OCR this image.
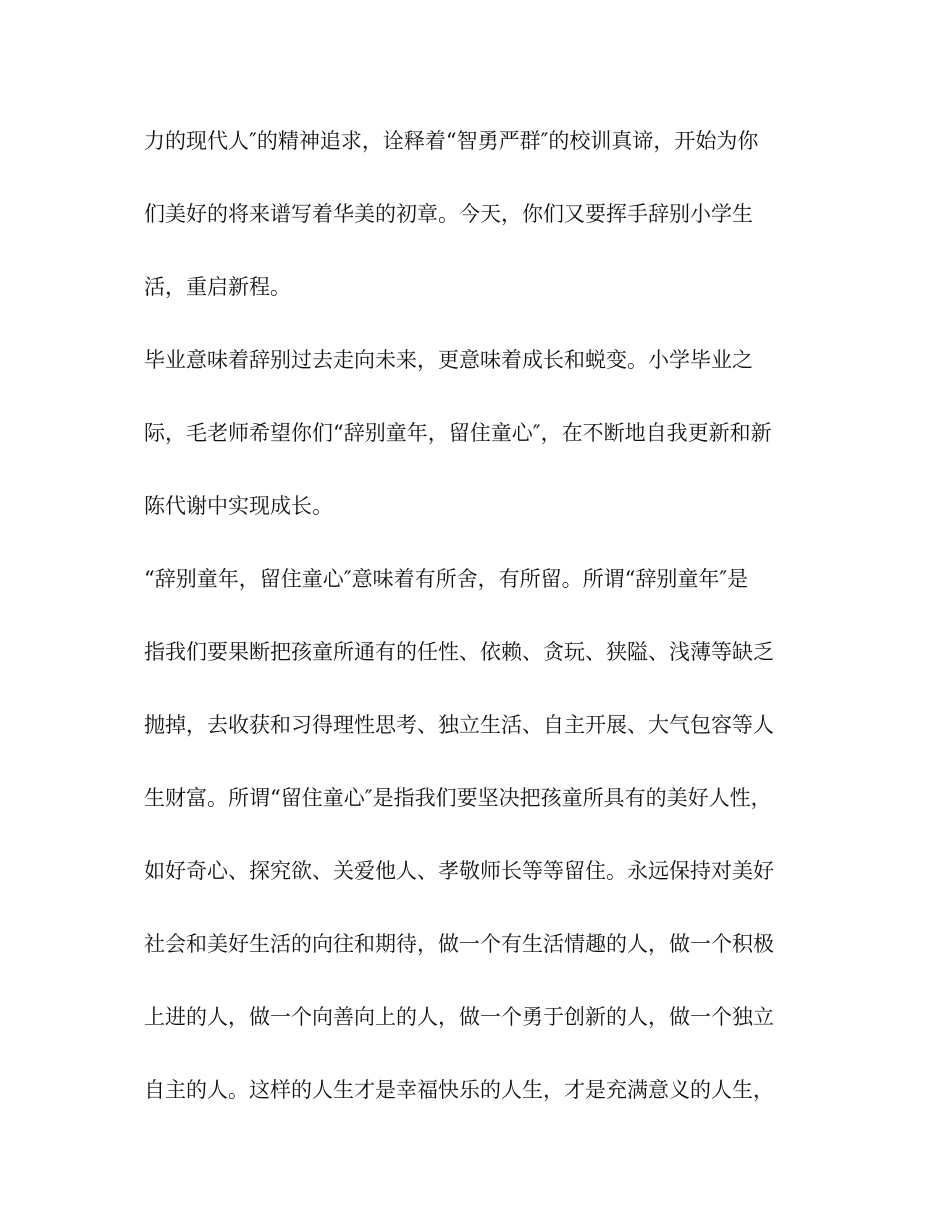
力的现代人″的精神追求，诠释着“智勇严群″的校训真谛，开始为你

们美好的将来谱写着华美的初章。今天，你们又要挥手辞别小学生

活，重启新程。

毕业意味着辞别过去走向未来，更意味着成长和蜕变。小学毕业之

际，毛老师希望你们“辞别童年，留住童心″，在不断地自我更新和新

陈代谢中实现成长。

“辞别童年，留住童心″意味着有所舍，有所留。所谓“辞别童年″是

指我们要果断把孩童所通有的任性、依赖、贪玩、狭隘、浅薄等缺乏

抛掉，去收获和习得理性思考、独立生活、自主开展、大气包容等人

生财富。所谓“留住童心″是指我们要坚决把孩童所具有的美好人性，

如好奇心、探究欲、关爱他人、孝敬师长等等留住。永远保持对美好

社会和美好生活的向往和期待，做一个有生活情趣的人，做一个积极

上进的人，做一个向善向上的人，做一个勇于创新的人，做一个独立

自主的人。这样的人生才是幸福快乐的人生，才是充满意义的人生，
